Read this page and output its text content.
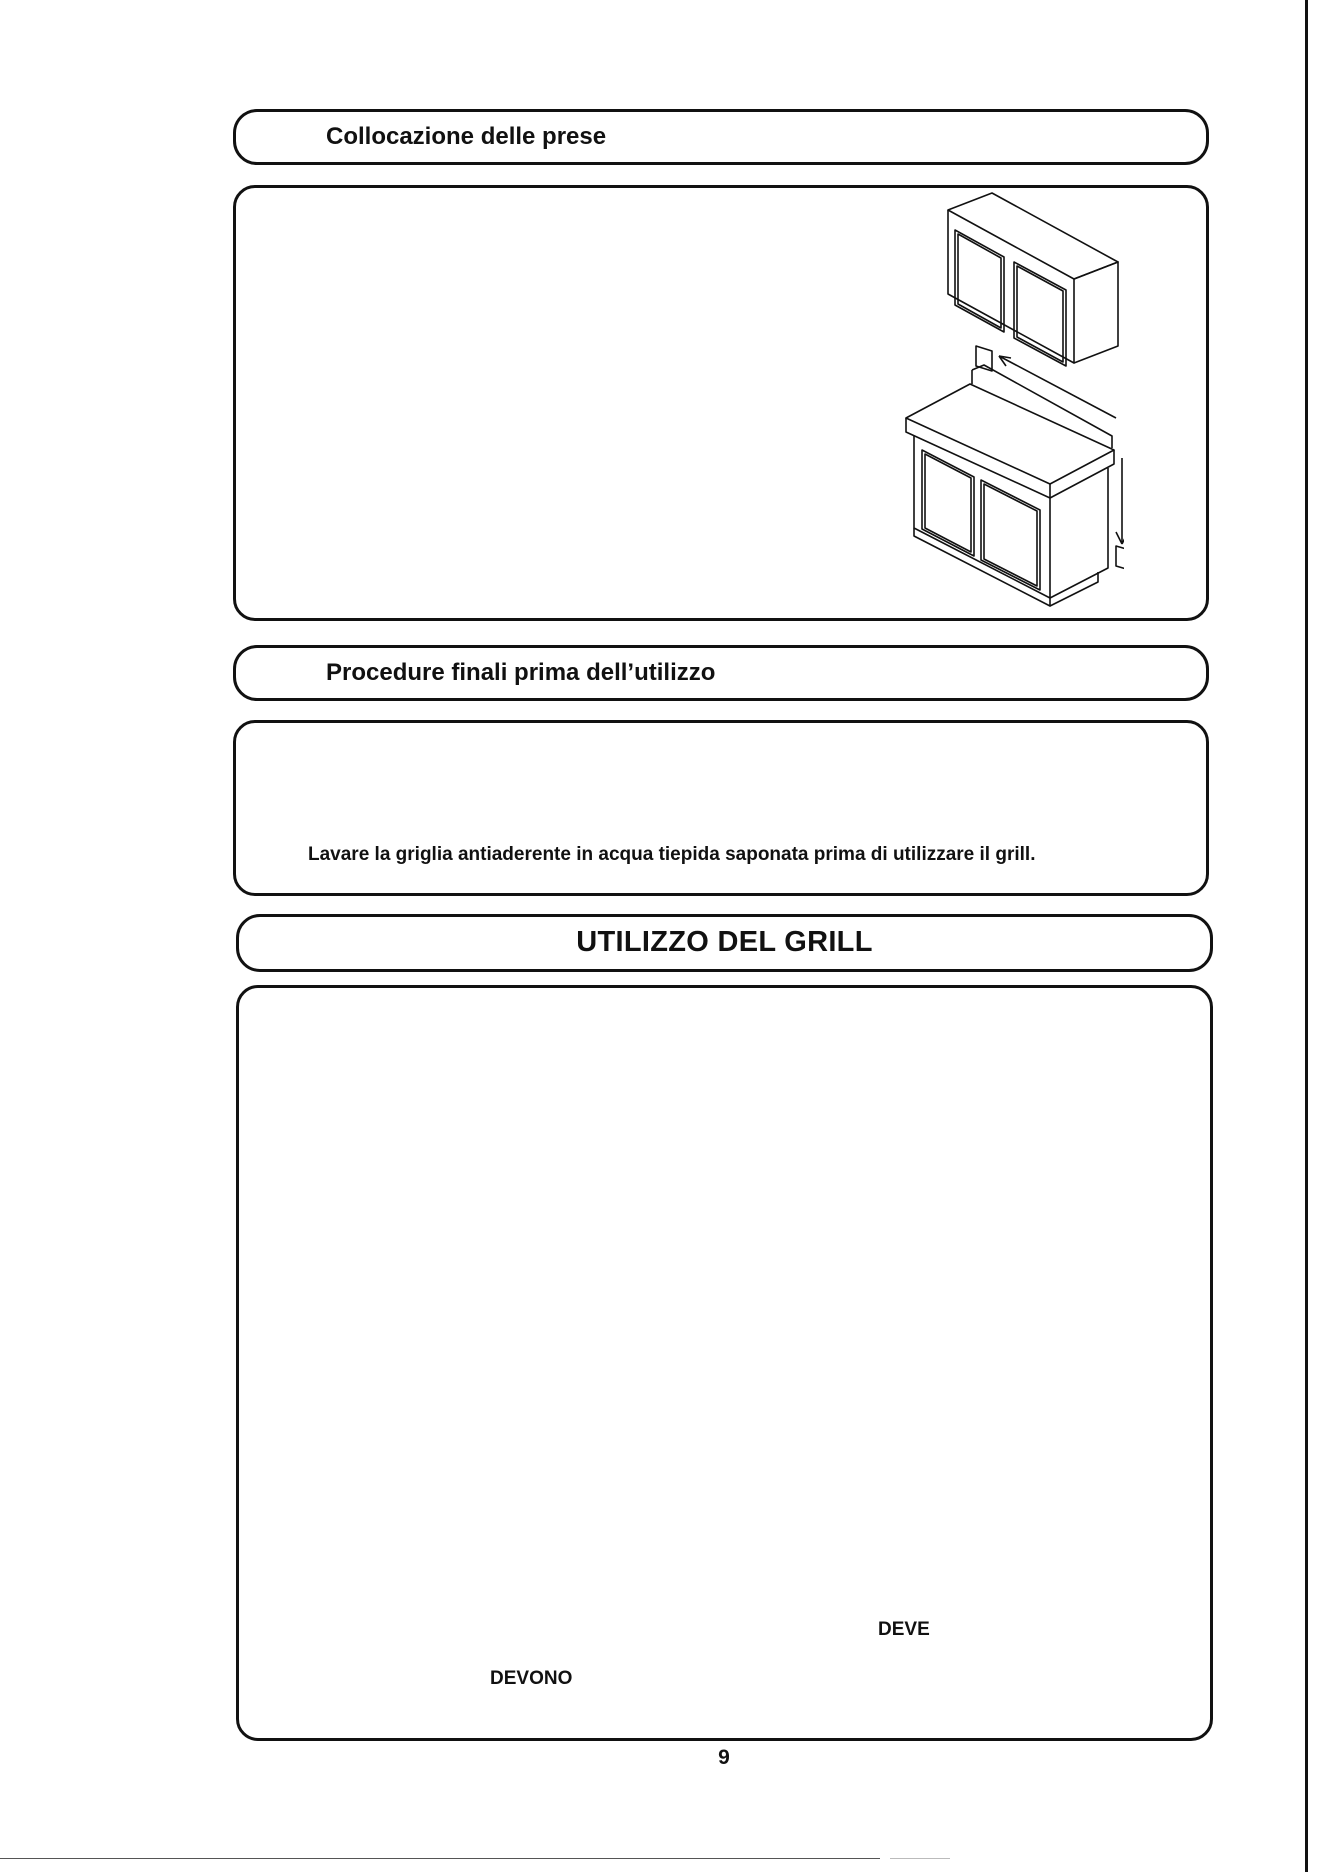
Collocazione delle prese
Procedure finali prima dell’utilizzo
Lavare la griglia antiaderente in acqua tiepida saponata prima di utilizzare il grill.
UTILIZZO DEL GRILL
DEVE
DEVONO
9
